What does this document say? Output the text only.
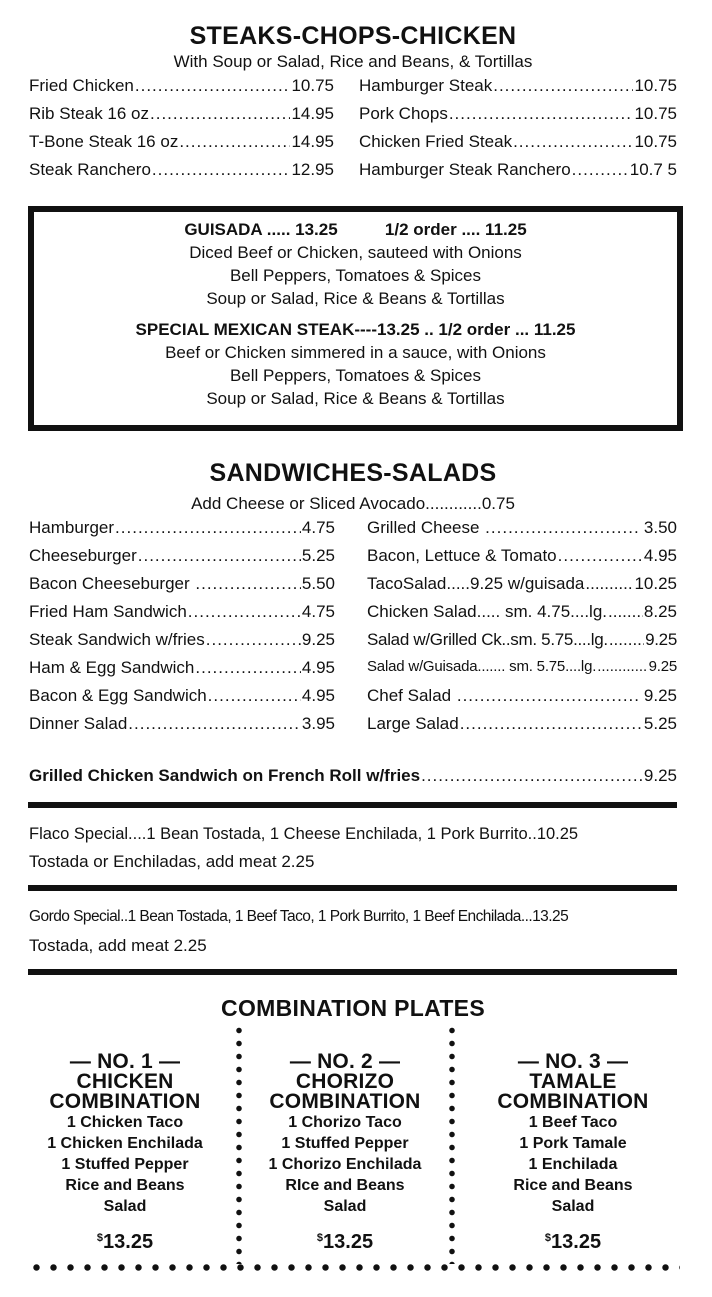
STEAKS-CHOPS-CHICKEN
With Soup or Salad, Rice and Beans, & Tortillas
Fried Chicken .....	10.75
Rib Steak 16 oz .....	14.95
T-Bone Steak 16 oz .....	14.95
Steak Ranchero .....	12.95
Hamburger Steak .....	10.75
Pork Chops .....	10.75
Chicken Fried Steak .....	10.75
Hamburger Steak Ranchero .....	10.7 5
GUISADA ..... 13.25          1/2 order .... 11.25
Diced Beef or Chicken, sauteed with Onions
Bell Peppers, Tomatoes & Spices
Soup or Salad, Rice & Beans & Tortillas
SPECIAL MEXICAN STEAK----13.25 .. 1/2 order ... 11.25
Beef or Chicken simmered in a sauce, with Onions
Bell Peppers, Tomatoes & Spices
Soup or Salad, Rice & Beans & Tortillas
SANDWICHES-SALADS
Add Cheese or Sliced Avocado............0.75
Hamburger .....	4.75
Cheeseburger .....	5.25
Bacon Cheeseburger .....	5.50
Fried Ham Sandwich .....	4.75
Steak Sandwich w/fries .....	9.25
Ham & Egg Sandwich .....	4.95
Bacon & Egg Sandwich .....	4.95
Dinner Salad .....	3.95
Grilled Cheese .....	3.50
Bacon, Lettuce & Tomato .....	4.95
TacoSalad.....9.25 w/guisada .....	10.25
Chicken Salad..... sm. 4.75....lg. ..... 8.25
Salad w/Grilled Ck..sm. 5.75....lg. ..... 9.25
Salad w/Guisada....... sm. 5.75....lg. .....	9.25
Chef Salad .....	9.25
Large Salad .....	5.25
Grilled Chicken Sandwich on French Roll w/fries .....	9.25
Flaco Special....1 Bean Tostada, 1 Cheese Enchilada, 1 Pork Burrito..10.25
Tostada or Enchiladas, add meat 2.25
Gordo Special..1 Bean Tostada, 1 Beef Taco, 1 Pork Burrito, 1 Beef Enchilada...13.25
Tostada, add meat 2.25
COMBINATION PLATES
— NO. 1 —
CHICKEN
COMBINATION
1 Chicken Taco
1 Chicken Enchilada
1 Stuffed Pepper
Rice and Beans
Salad
$13.25
— NO. 2 —
CHORIZO
COMBINATION
1 Chorizo Taco
1 Stuffed Pepper
1 Chorizo Enchilada
RIce and Beans
Salad
$13.25
— NO. 3 —
TAMALE
COMBINATION
1 Beef Taco
1 Pork Tamale
1 Enchilada
Rice and Beans
Salad
$13.25
